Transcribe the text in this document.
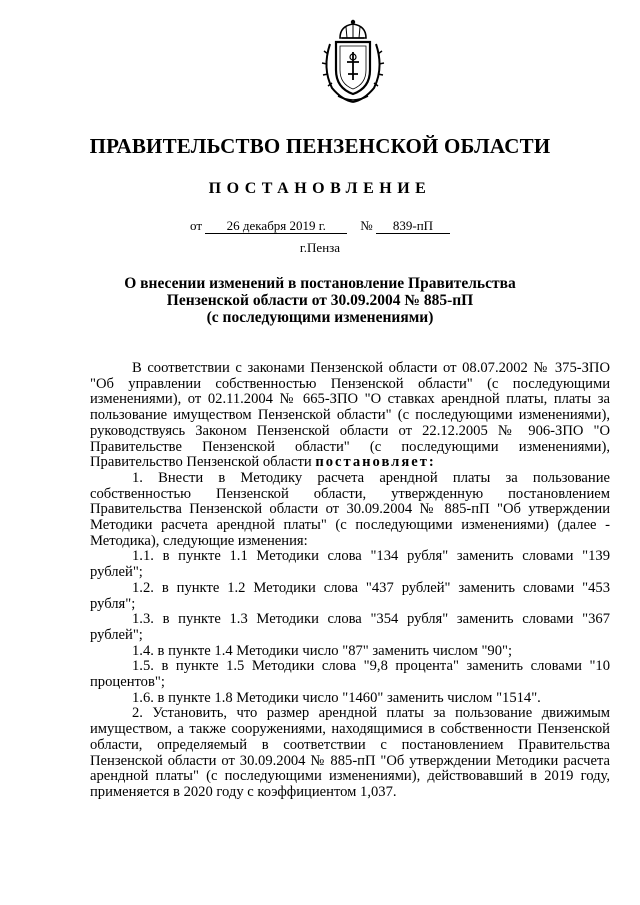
ПРАВИТЕЛЬСТВО ПЕНЗЕНСКОЙ ОБЛАСТИ
ПОСТАНОВЛЕНИЕ
от 26 декабря 2019 г.	№ 839-пП
г.Пенза
О внесении изменений в постановление Правительства
Пензенской области от 30.09.2004 № 885-пП
(с последующими изменениями)

В соответствии с законами Пензенской области от 08.07.2002 № 375-ЗПО "Об управлении собственностью Пензенской области" (с последующими изменениями), от 02.11.2004 № 665-ЗПО "О ставках арендной платы, платы за пользование имуществом Пензенской области" (с последующими изменениями), руководствуясь Законом Пензенской области от 22.12.2005 № 906-ЗПО "О Правительстве Пензенской области" (с последующими изменениями), Правительство Пензенской области постановляет:

1. Внести в Методику расчета арендной платы за пользование собственностью Пензенской области, утвержденную постановлением Правительства Пензенской области от 30.09.2004 № 885-пП "Об утверждении Методики расчета арендной платы" (с последующими изменениями) (далее - Методика), следующие изменения:

1.1. в пункте 1.1 Методики слова "134 рубля" заменить словами "139 рублей";

1.2. в пункте 1.2 Методики слова "437 рублей" заменить словами "453 рубля";

1.3. в пункте 1.3 Методики слова "354 рубля" заменить словами "367 рублей";

1.4. в пункте 1.4 Методики число "87" заменить числом "90";

1.5. в пункте 1.5 Методики слова "9,8 процента" заменить словами "10 процентов";

1.6. в пункте 1.8 Методики число "1460" заменить числом "1514".

2. Установить, что размер арендной платы за пользование движимым имуществом, а также сооружениями, находящимися в собственности Пензенской области, определяемый в соответствии с постановлением Правительства Пензенской области от 30.09.2004 № 885-пП "Об утверждении Методики расчета арендной платы" (с последующими изменениями), действовавший в 2019 году, применяется в 2020 году с коэффициентом 1,037.
